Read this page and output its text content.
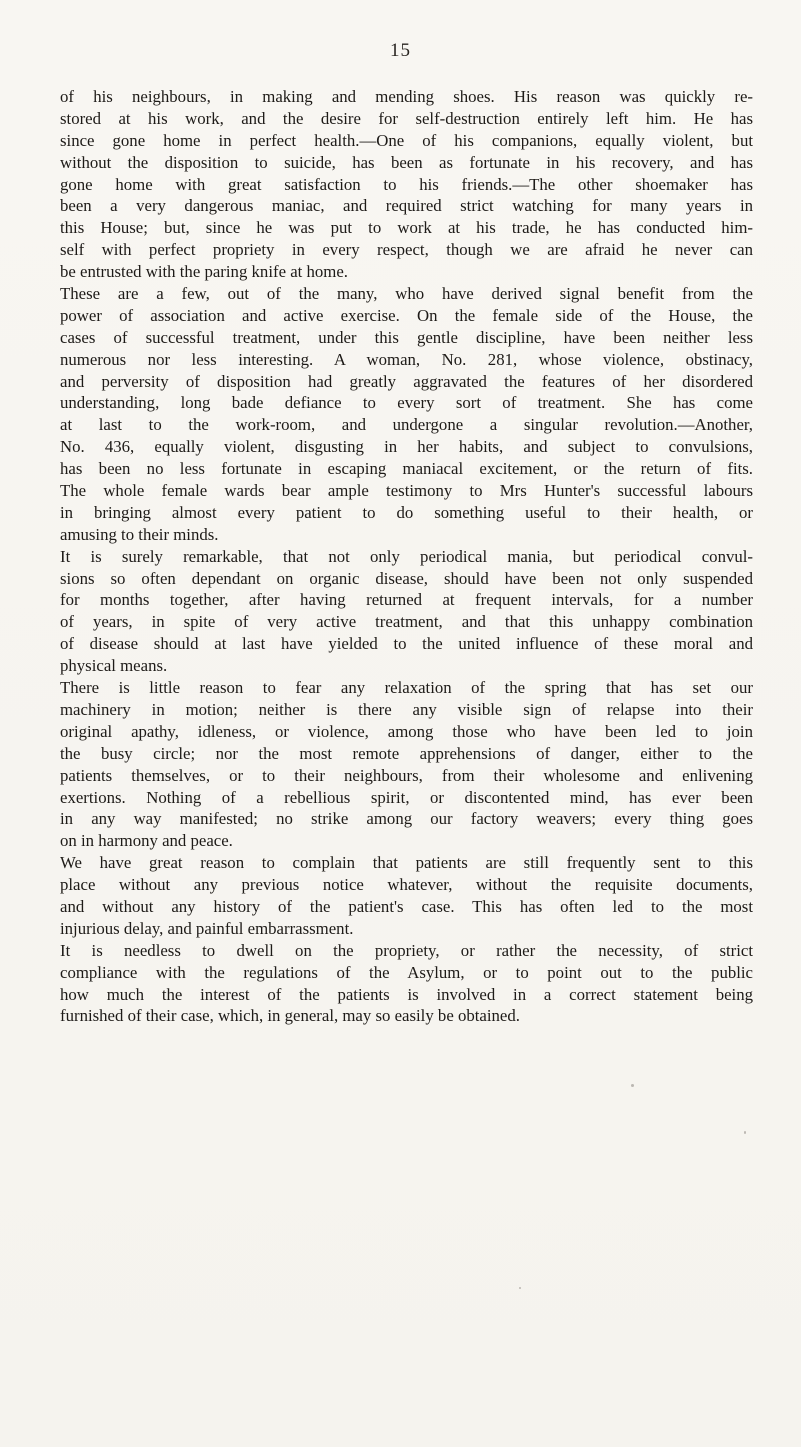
15
of his neighbours, in making and mending shoes. His reason was quickly re-
stored at his work, and the desire for self-destruction entirely left him. He has
since gone home in perfect health.—One of his companions, equally violent, but
without the disposition to suicide, has been as fortunate in his recovery, and has
gone home with great satisfaction to his friends.—The other shoemaker has
been a very dangerous maniac, and required strict watching for many years in
this House; but, since he was put to work at his trade, he has conducted him-
self with perfect propriety in every respect, though we are afraid he never can
be entrusted with the paring knife at home.
These are a few, out of the many, who have derived signal benefit from the
power of association and active exercise. On the female side of the House, the
cases of successful treatment, under this gentle discipline, have been neither less
numerous nor less interesting. A woman, No. 281, whose violence, obstinacy,
and perversity of disposition had greatly aggravated the features of her disordered
understanding, long bade defiance to every sort of treatment. She has come
at last to the work-room, and undergone a singular revolution.—Another,
No. 436, equally violent, disgusting in her habits, and subject to convulsions,
has been no less fortunate in escaping maniacal excitement, or the return of fits.
The whole female wards bear ample testimony to Mrs Hunter's successful labours
in bringing almost every patient to do something useful to their health, or
amusing to their minds.
It is surely remarkable, that not only periodical mania, but periodical convul-
sions so often dependant on organic disease, should have been not only suspended
for months together, after having returned at frequent intervals, for a number
of years, in spite of very active treatment, and that this unhappy combination
of disease should at last have yielded to the united influence of these moral and
physical means.
There is little reason to fear any relaxation of the spring that has set our
machinery in motion; neither is there any visible sign of relapse into their
original apathy, idleness, or violence, among those who have been led to join
the busy circle; nor the most remote apprehensions of danger, either to the
patients themselves, or to their neighbours, from their wholesome and enlivening
exertions. Nothing of a rebellious spirit, or discontented mind, has ever been
in any way manifested; no strike among our factory weavers; every thing goes
on in harmony and peace.
We have great reason to complain that patients are still frequently sent to this
place without any previous notice whatever, without the requisite documents,
and without any history of the patient's case. This has often led to the most
injurious delay, and painful embarrassment.
It is needless to dwell on the propriety, or rather the necessity, of strict
compliance with the regulations of the Asylum, or to point out to the public
how much the interest of the patients is involved in a correct statement being
furnished of their case, which, in general, may so easily be obtained.
